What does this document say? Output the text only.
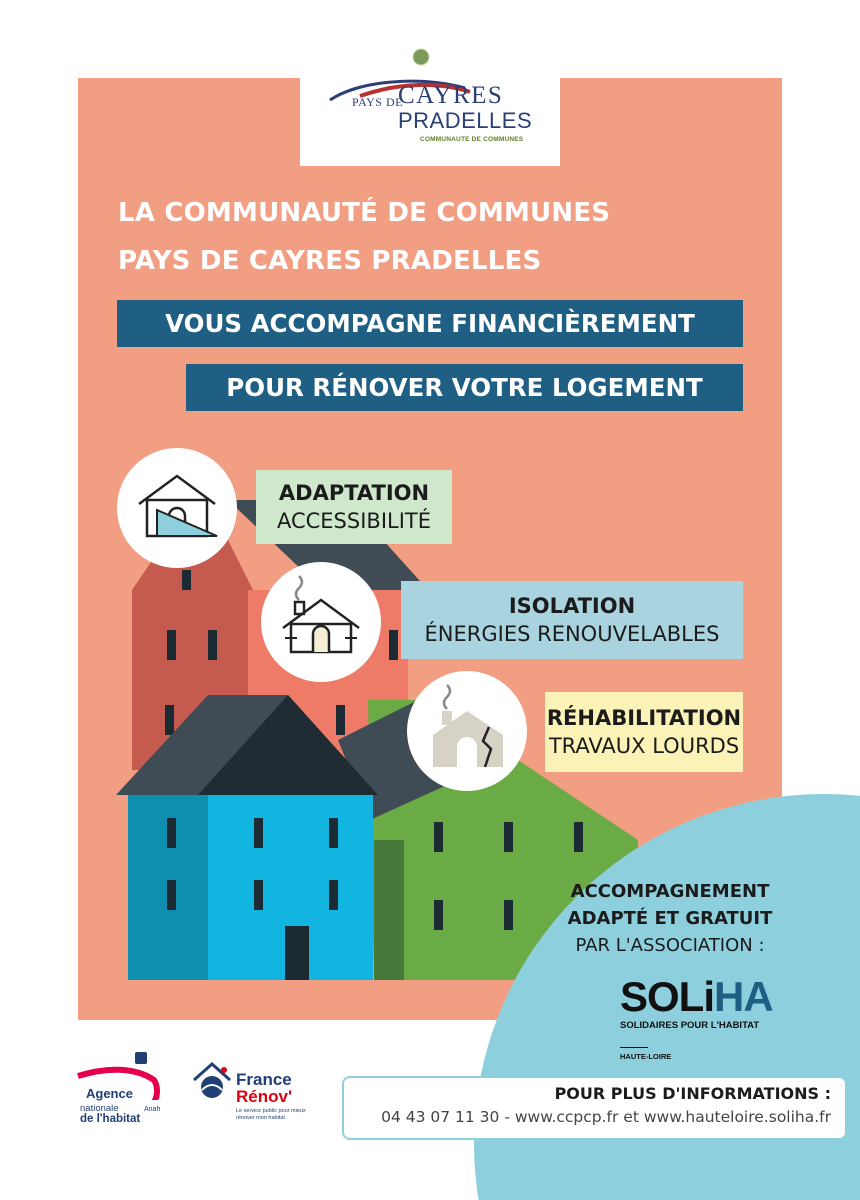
PAYS DE
CAYRES
PRADELLES
COMMUNAUTE DE COMMUNES
LA COMMUNAUTÉ DE COMMUNES
PAYS DE CAYRES PRADELLES
VOUS ACCOMPAGNE FINANCIÈREMENT
POUR RÉNOVER VOTRE LOGEMENT
ADAPTATION
ACCESSIBILITÉ
ISOLATION
ÉNERGIES RENOUVELABLES
RÉHABILITATION
TRAVAUX LOURDS
ACCOMPAGNEMENT
ADAPTÉ ET GRATUIT
PAR L'ASSOCIATION :
SOLiHA
SOLIDAIRES POUR L'HABITAT
HAUTE-LOIRE
POUR PLUS D'INFORMATIONS :
04 43 07 11 30 - www.ccpcp.fr et www.hauteloire.soliha.fr
Agence
nationale	Anah
de l'habitat
France
Rénov'
Le service public pour mieux rénover mon habitat
